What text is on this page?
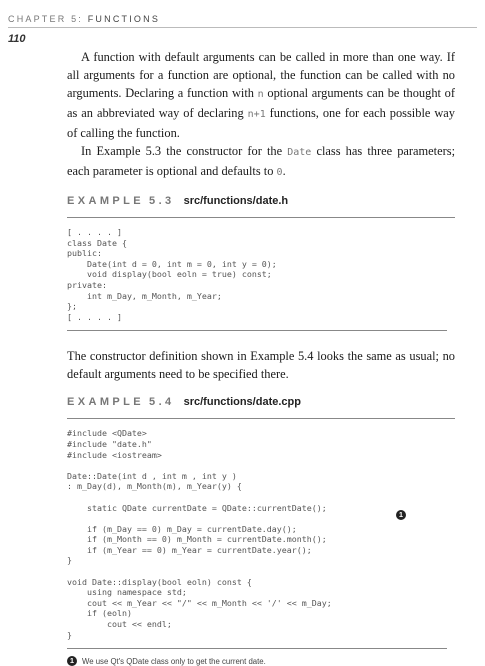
CHAPTER 5: FUNCTIONS
110

A function with default arguments can be called in more than one way. If all arguments for a function are optional, the function can be called with no arguments. Declaring a function with n optional arguments can be thought of as an abbreviated way of declaring n+1 functions, one for each possible way of calling the function.

In Example 5.3 the constructor for the Date class has three parameters; each parameter is optional and defaults to 0.

EXAMPLE 5.3 src/functions/date.h
[ . . . . ]
class Date {
public:
Date(int d = 0, int m = 0, int y = 0);
void display(bool eoln = true) const;
private:
int m_Day, m_Month, m_Year;
};
[ . . . . ]

The constructor definition shown in Example 5.4 looks the same as usual; no default arguments need to be specified there.

EXAMPLE 5.4 src/functions/date.cpp
#include <QDate>
#include "date.h"
#include <iostream>

Date::Date(int d , int m , int y )
: m_Day(d), m_Month(m), m_Year(y) {

static QDate currentDate = QDate::currentDate();

if (m_Day == 0) m_Day = currentDate.day();
if (m_Month == 0) m_Month = currentDate.month();
if (m_Year == 0) m_Year = currentDate.year();
}

void Date::display(bool eoln) const {
using namespace std;
cout << m_Year << "/" << m_Month << '/' << m_Day;
if (eoln)
cout << endl;
}
1
1	We use Qt's QDate class only to get the current date.
